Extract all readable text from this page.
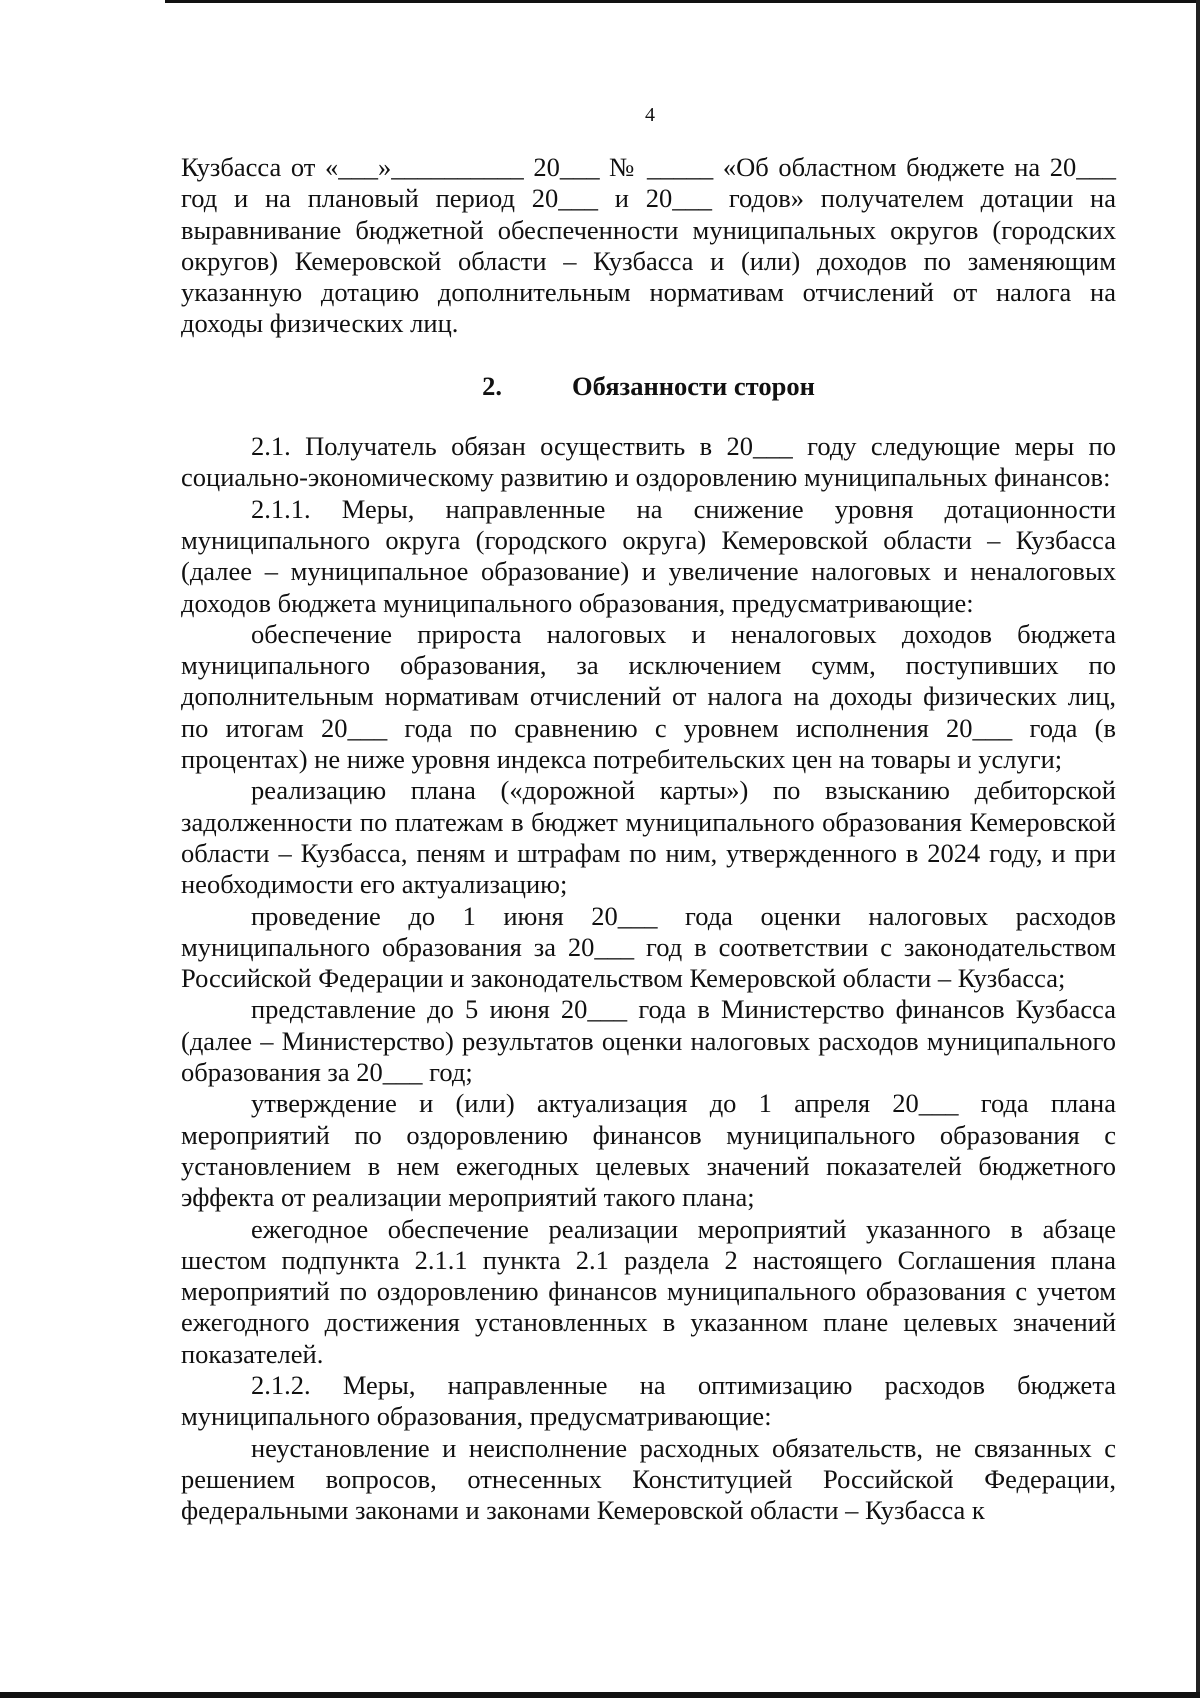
4

Кузбасса от «___»__________ 20___ № _____ «Об областном бюджете на 20___ год и на плановый период 20___ и 20___ годов» получателем дотации на выравнивание бюджетной обеспеченности муниципальных округов (городских округов) Кемеровской области – Кузбасса и (или) доходов по заменяющим указанную дотацию дополнительным нормативам отчислений от налога на доходы физических лиц.

2.	Обязанности сторон

2.1. Получатель обязан осуществить в 20___ году следующие меры по социально-экономическому развитию и оздоровлению муниципальных финансов:

2.1.1. Меры, направленные на снижение уровня дотационности муниципального округа (городского округа) Кемеровской области – Кузбасса (далее – муниципальное образование) и увеличение налоговых и неналоговых доходов бюджета муниципального образования, предусматривающие:

обеспечение прироста налоговых и неналоговых доходов бюджета муниципального образования, за исключением сумм, поступивших по дополнительным нормативам отчислений от налога на доходы физических лиц, по итогам 20___ года по сравнению с уровнем исполнения 20___ года (в процентах) не ниже уровня индекса потребительских цен на товары и услуги;

реализацию плана («дорожной карты») по взысканию дебиторской задолженности по платежам в бюджет муниципального образования Кемеровской области – Кузбасса, пеням и штрафам по ним, утвержденного в 2024 году, и при необходимости его актуализацию;

проведение до 1 июня 20___ года оценки налоговых расходов муниципального образования за 20___ год в соответствии с законодательством Российской Федерации и законодательством Кемеровской области – Кузбасса;

представление до 5 июня 20___ года в Министерство финансов Кузбасса (далее – Министерство) результатов оценки налоговых расходов муниципального образования за 20___ год;

утверждение и (или) актуализация до 1 апреля 20___ года плана мероприятий по оздоровлению финансов муниципального образования с установлением в нем ежегодных целевых значений показателей бюджетного эффекта от реализации мероприятий такого плана;

ежегодное обеспечение реализации мероприятий указанного в абзаце шестом подпункта 2.1.1 пункта 2.1 раздела 2 настоящего Соглашения плана мероприятий по оздоровлению финансов муниципального образования с учетом ежегодного достижения установленных в указанном плане целевых значений показателей.

2.1.2. Меры, направленные на оптимизацию расходов бюджета муниципального образования, предусматривающие:

неустановление и неисполнение расходных обязательств, не связанных с решением вопросов, отнесенных Конституцией Российской Федерации, федеральными законами и законами Кемеровской области – Кузбасса к
